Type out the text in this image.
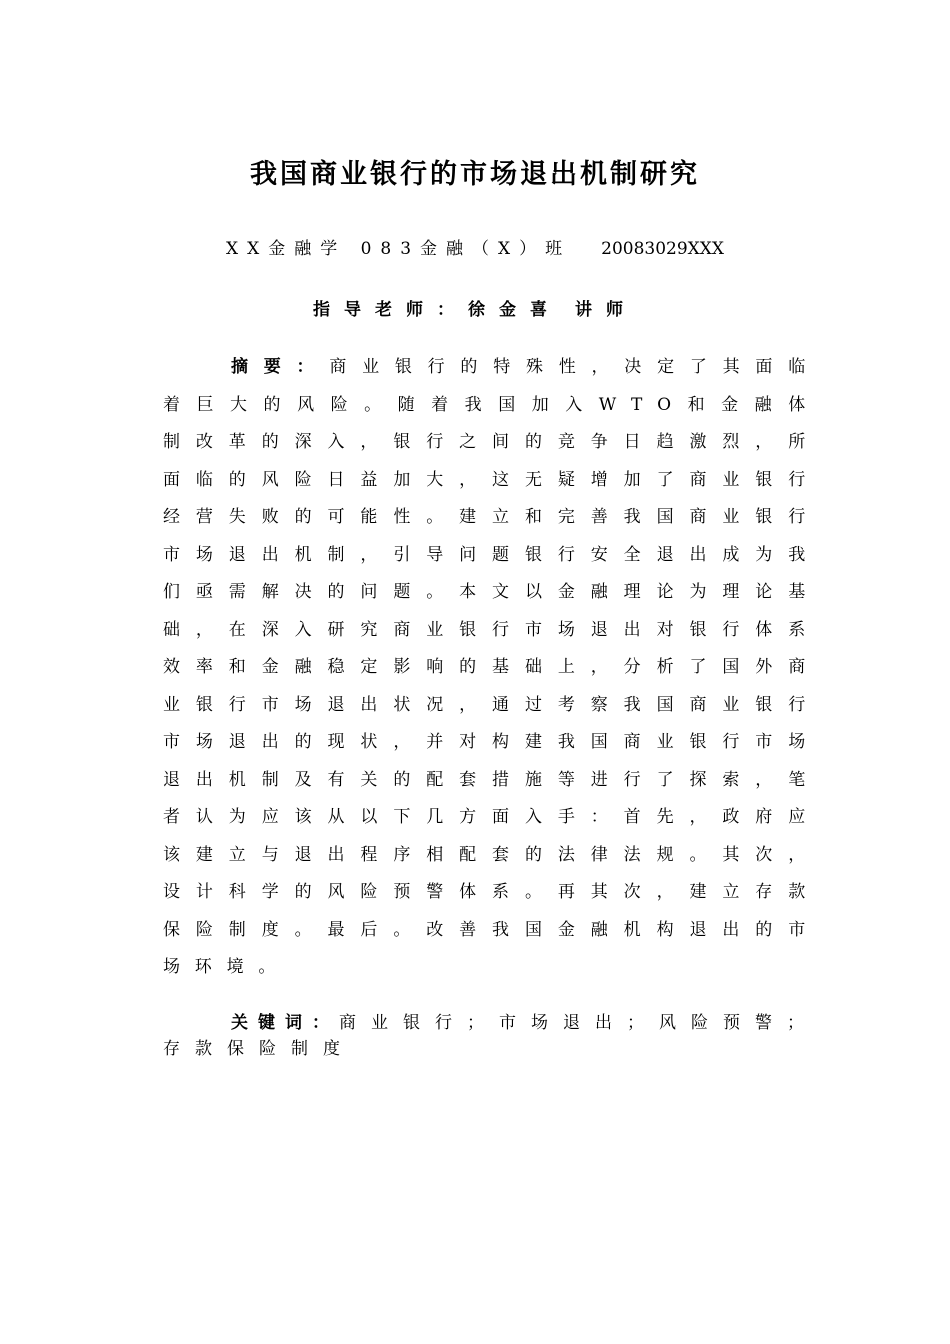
我国商业银行的市场退出机制研究
XX金融学 083金融（X）班 20083029XXX
指导老师：徐金喜 讲师
摘要：商业银行的特殊性，决定了其面临着巨大的风险。随着我国加入WTO和金融体制改革的深入，银行之间的竞争日趋激烈，所面临的风险日益加大，这无疑增加了商业银行经营失败的可能性。建立和完善我国商业银行市场退出机制，引导问题银行安全退出成为我们亟需解决的问题。本文以金融理论为理论基础，在深入研究商业银行市场退出对银行体系效率和金融稳定影响的基础上，分析了国外商业银行市场退出状况，通过考察我国商业银行市场退出的现状，并对构建我国商业银行市场退出机制及有关的配套措施等进行了探索，笔者认为应该从以下几方面入手：首先，政府应该建立与退出程序相配套的法律法规。其次，设计科学的风险预警体系。再其次，建立存款保险制度。最后。改善我国金融机构退出的市场环境。
关键词：商业银行；市场退出；风险预警；存款保险制度
